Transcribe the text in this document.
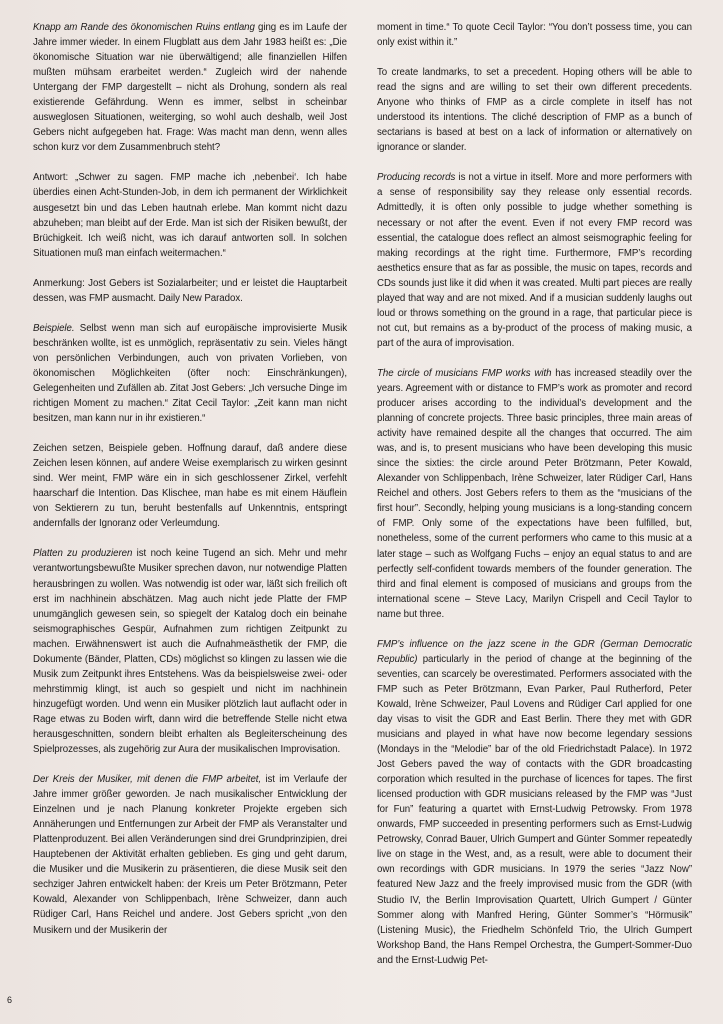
Knapp am Rande des ökonomischen Ruins entlang ging es im Laufe der Jahre immer wieder. In einem Flugblatt aus dem Jahr 1983 heißt es: „Die ökonomische Situation war nie überwältigend; alle finanziellen Hilfen mußten mühsam erarbeitet werden.“ Zugleich wird der nahende Untergang der FMP dargestellt – nicht als Drohung, sondern als real existierende Gefährdung. Wenn es immer, selbst in scheinbar ausweglosen Situationen, weiterging, so wohl auch deshalb, weil Jost Gebers nicht aufgegeben hat. Frage: Was macht man denn, wenn alles schon kurz vor dem Zusammenbruch steht?

Antwort: „Schwer zu sagen. FMP mache ich ‚nebenbei‘. Ich habe überdies einen Acht-Stunden-Job, in dem ich permanent der Wirklichkeit ausgesetzt bin und das Leben hautnah erlebe. Man kommt nicht dazu abzuheben; man bleibt auf der Erde. Man ist sich der Risiken bewußt, der Brüchigkeit. Ich weiß nicht, was ich darauf antworten soll. In solchen Situationen muß man einfach weitermachen.“

Anmerkung: Jost Gebers ist Sozialarbeiter; und er leistet die Hauptarbeit dessen, was FMP ausmacht. Daily New Paradox.

Beispiele. Selbst wenn man sich auf europäische improvisierte Musik beschränken wollte, ist es unmöglich, repräsentativ zu sein. Vieles hängt von persönlichen Verbindungen, auch von privaten Vorlieben, von ökonomischen Möglichkeiten (öfter noch: Einschränkungen), Gelegenheiten und Zufällen ab. Zitat Jost Gebers: „Ich versuche Dinge im richtigen Moment zu machen.“ Zitat Cecil Taylor: „Zeit kann man nicht besitzen, man kann nur in ihr existieren.“

Zeichen setzen, Beispiele geben. Hoffnung darauf, daß andere diese Zeichen lesen können, auf andere Weise exemplarisch zu wirken gesinnt sind. Wer meint, FMP wäre ein in sich geschlossener Zirkel, verfehlt haarscharf die Intention. Das Klischee, man habe es mit einem Häuflein von Sektierern zu tun, beruht bestenfalls auf Unkenntnis, entspringt andernfalls der Ignoranz oder Verleumdung.

Platten zu produzieren ist noch keine Tugend an sich. Mehr und mehr verantwortungsbewußte Musiker sprechen davon, nur notwendige Platten herausbringen zu wollen. Was notwendig ist oder war, läßt sich freilich oft erst im nachhinein abschätzen. Mag auch nicht jede Platte der FMP unumgänglich gewesen sein, so spiegelt der Katalog doch ein beinahe seismographisches Gespür, Aufnahmen zum richtigen Zeitpunkt zu machen. Erwähnenswert ist auch die Aufnahmeästhetik der FMP, die Dokumente (Bänder, Platten, CDs) möglichst so klingen zu lassen wie die Musik zum Zeitpunkt ihres Entstehens. Was da beispielsweise zwei- oder mehrstimmig klingt, ist auch so gespielt und nicht im nachhinein hinzugefügt worden. Und wenn ein Musiker plötzlich laut auflacht oder in Rage etwas zu Boden wirft, dann wird die betreffende Stelle nicht etwa herausgeschnitten, sondern bleibt erhalten als Begleiterscheinung des Spielprozesses, als zugehörig zur Aura der musikalischen Improvisation.

Der Kreis der Musiker, mit denen die FMP arbeitet, ist im Verlaufe der Jahre immer größer geworden. Je nach musikalischer Entwicklung der Einzelnen und je nach Planung konkreter Projekte ergeben sich Annäherungen und Entfernungen zur Arbeit der FMP als Veranstalter und Plattenproduzent. Bei allen Veränderungen sind drei Grundprinzipien, drei Hauptebenen der Aktivität erhalten geblieben. Es ging und geht darum, die Musiker und die Musikerin zu präsentieren, die diese Musik seit den sechziger Jahren entwickelt haben: der Kreis um Peter Brötzmann, Peter Kowald, Alexander von Schlippenbach, Irène Schweizer, dann auch Rüdiger Carl, Hans Reichel und andere. Jost Gebers spricht „von den Musikern und der Musikerin der

moment in time.“ To quote Cecil Taylor: “You don’t possess time, you can only exist within it.”

To create landmarks, to set a precedent. Hoping others will be able to read the signs and are willing to set their own different precedents. Anyone who thinks of FMP as a circle complete in itself has not understood its intentions. The cliché description of FMP as a bunch of sectarians is based at best on a lack of information or alternatively on ignorance or slander.

Producing records is not a virtue in itself. More and more performers with a sense of responsibility say they release only essential records. Admittedly, it is often only possible to judge whether something is necessary or not after the event. Even if not every FMP record was essential, the catalogue does reflect an almost seismographic feeling for making recordings at the right time. Furthermore, FMP’s recording aesthetics ensure that as far as possible, the music on tapes, records and CDs sounds just like it did when it was created. Multi part pieces are really played that way and are not mixed. And if a musician suddenly laughs out loud or throws something on the ground in a rage, that particular piece is not cut, but remains as a by-product of the process of making music, a part of the aura of improvisation.

The circle of musicians FMP works with has increased steadily over the years. Agreement with or distance to FMP’s work as promoter and record producer arises according to the individual’s development and the planning of concrete projects. Three basic principles, three main areas of activity have remained despite all the changes that occurred. The aim was, and is, to present musicians who have been developing this music since the sixties: the circle around Peter Brötzmann, Peter Kowald, Alexander von Schlippenbach, Irène Schweizer, later Rüdiger Carl, Hans Reichel and others. Jost Gebers refers to them as the “musicians of the first hour”. Secondly, helping young musicians is a long-standing concern of FMP. Only some of the expectations have been fulfilled, but, nonetheless, some of the current performers who came to this music at a later stage – such as Wolfgang Fuchs – enjoy an equal status to and are perfectly self-confident towards members of the founder generation. The third and final element is composed of musicians and groups from the international scene – Steve Lacy, Marilyn Crispell and Cecil Taylor to name but three.

FMP’s influence on the jazz scene in the GDR (German Democratic Republic) particularly in the period of change at the beginning of the seventies, can scarcely be overestimated. Performers associated with the FMP such as Peter Brötzmann, Evan Parker, Paul Rutherford, Peter Kowald, Irène Schweizer, Paul Lovens and Rüdiger Carl applied for one day visas to visit the GDR and East Berlin. There they met with GDR musicians and played in what have now become legendary sessions (Mondays in the “Melodie” bar of the old Friedrichstadt Palace). In 1972 Jost Gebers paved the way of contacts with the GDR broadcasting corporation which resulted in the purchase of licences for tapes. The first licensed production with GDR musicians released by the FMP was “Just for Fun” featuring a quartet with Ernst-Ludwig Petrowsky. From 1978 onwards, FMP succeeded in presenting performers such as Ernst-Ludwig Petrowsky, Conrad Bauer, Ulrich Gumpert and Günter Sommer repeatedly live on stage in the West, and, as a result, were able to document their own recordings with GDR musicians. In 1979 the series “Jazz Now” featured New Jazz and the freely improvised music from the GDR (with Studio IV, the Berlin Improvisation Quartett, Ulrich Gumpert / Günter Sommer along with Manfred Hering, Günter Sommer’s “Hörmusik” (Listening Music), the Friedhelm Schönfeld Trio, the Ulrich Gumpert Workshop Band, the Hans Rempel Orchestra, the Gumpert-Sommer-Duo and the Ernst-Ludwig Pet-

6
